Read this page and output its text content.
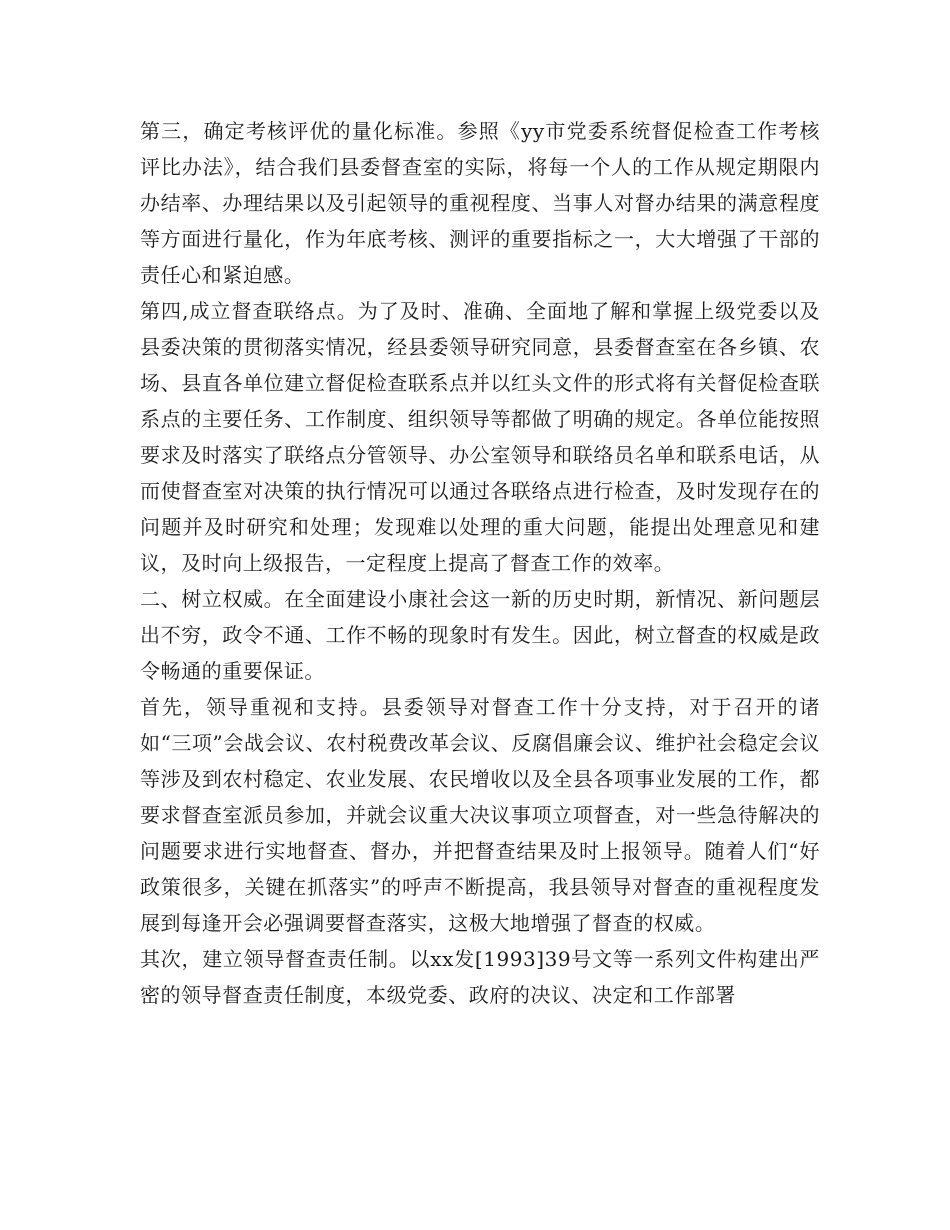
第三，确定考核评优的量化标准。参照《yy市党委系统督促检查工作考核评比办法》，结合我们县委督查室的实际，将每一个人的工作从规定期限内办结率、办理结果以及引起领导的重视程度、当事人对督办结果的满意程度等方面进行量化，作为年底考核、测评的重要指标之一，大大增强了干部的责任心和紧迫感。

第四,成立督查联络点。为了及时、准确、全面地了解和掌握上级党委以及县委决策的贯彻落实情况，经县委领导研究同意，县委督查室在各乡镇、农场、县直各单位建立督促检查联系点并以红头文件的形式将有关督促检查联系点的主要任务、工作制度、组织领导等都做了明确的规定。各单位能按照要求及时落实了联络点分管领导、办公室领导和联络员名单和联系电话，从而使督查室对决策的执行情况可以通过各联络点进行检查，及时发现存在的问题并及时研究和处理；发现难以处理的重大问题，能提出处理意见和建议，及时向上级报告，一定程度上提高了督查工作的效率。

二、树立权威。在全面建设小康社会这一新的历史时期，新情况、新问题层出不穷，政令不通、工作不畅的现象时有发生。因此，树立督查的权威是政令畅通的重要保证。

首先，领导重视和支持。县委领导对督查工作十分支持，对于召开的诸如“三项”会战会议、农村税费改革会议、反腐倡廉会议、维护社会稳定会议等涉及到农村稳定、农业发展、农民增收以及全县各项事业发展的工作，都要求督查室派员参加，并就会议重大决议事项立项督查，对一些急待解决的问题要求进行实地督查、督办，并把督查结果及时上报领导。随着人们“好政策很多，关键在抓落实”的呼声不断提高，我县领导对督查的重视程度发展到每逢开会必强调要督查落实，这极大地增强了督查的权威。

其次，建立领导督查责任制。以xx发[1993]39号文等一系列文件构建出严密的领导督查责任制度，本级党委、政府的决议、决定和工作部署
